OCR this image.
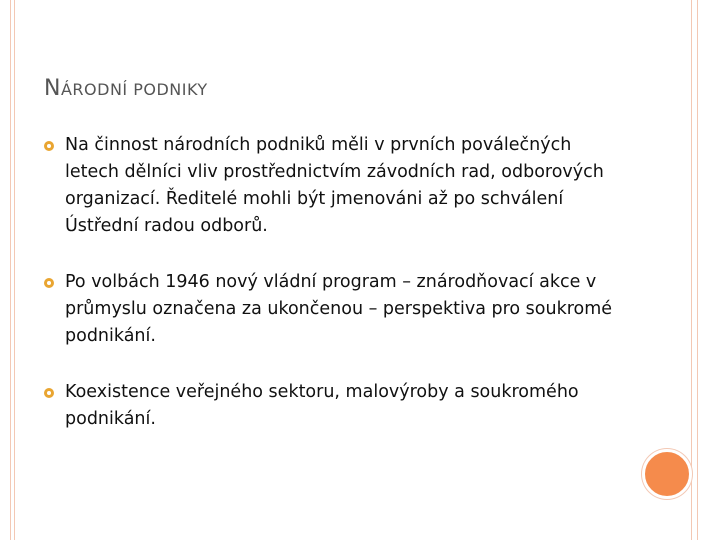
NÁRODNÍ PODNIKY
Na činnost národních podniků měli v prvních poválečných letech dělníci vliv prostřednictvím závodních rad, odborových organizací. Ředitelé mohli být jmenováni až po schválení Ústřední radou odborů.
Po volbách 1946 nový vládní program – znárodňovací akce v průmyslu označena za ukončenou – perspektiva pro soukromé podnikání.
Koexistence veřejného sektoru, malovýroby a soukromého podnikání.
